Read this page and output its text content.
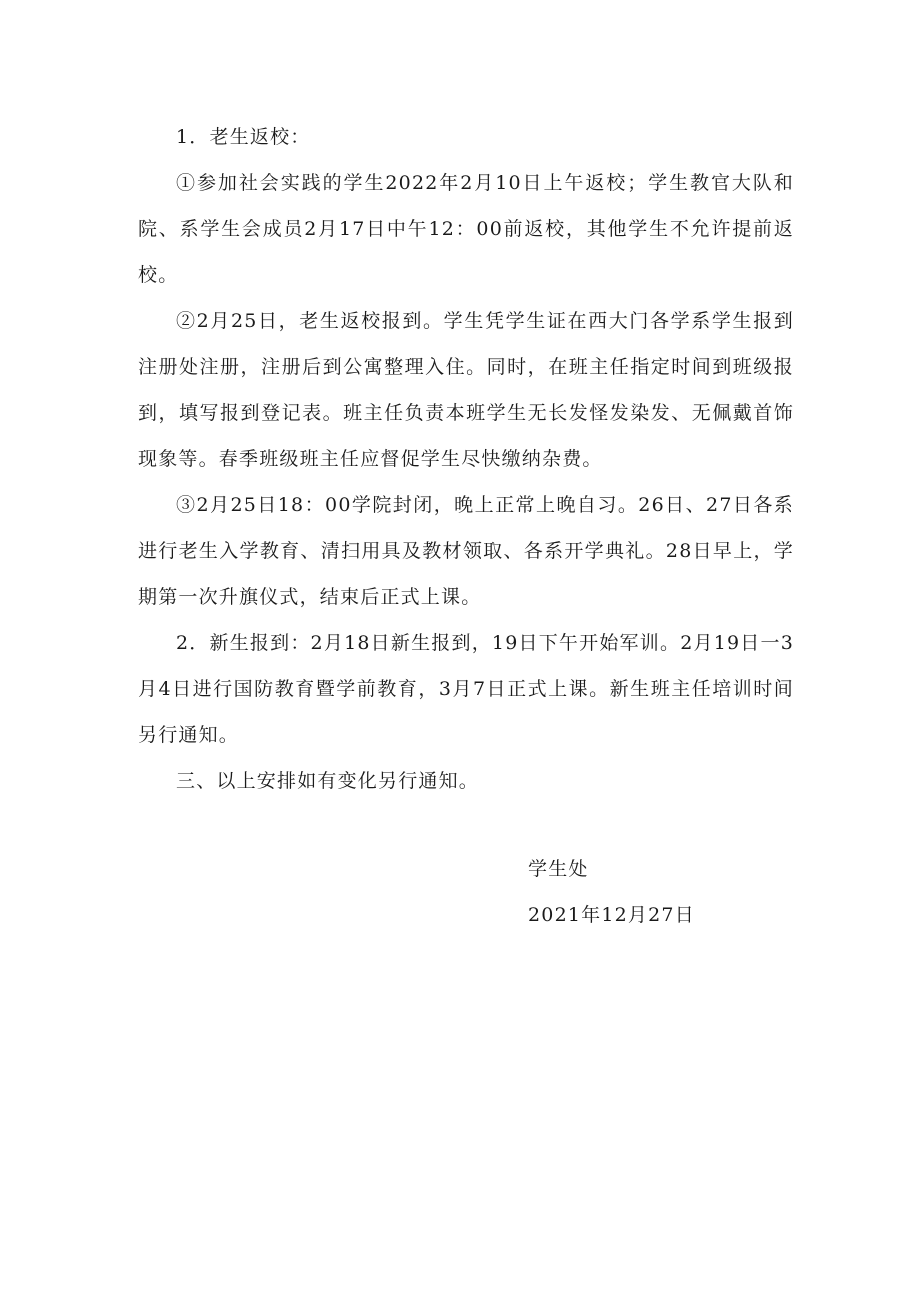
1．老生返校：

①参加社会实践的学生2022年2月10日上午返校；学生教官大队和院、系学生会成员2月17日中午12：00前返校，其他学生不允许提前返校。

②2月25日，老生返校报到。学生凭学生证在西大门各学系学生报到注册处注册，注册后到公寓整理入住。同时，在班主任指定时间到班级报到，填写报到登记表。班主任负责本班学生无长发怪发染发、无佩戴首饰现象等。春季班级班主任应督促学生尽快缴纳杂费。

③2月25日18：00学院封闭，晚上正常上晚自习。26日、27日各系进行老生入学教育、清扫用具及教材领取、各系开学典礼。28日早上，学期第一次升旗仪式，结束后正式上课。

2．新生报到：2月18日新生报到，19日下午开始军训。2月19日一3月4日进行国防教育暨学前教育，3月7日正式上课。新生班主任培训时间另行通知。

三、以上安排如有变化另行通知。

学生处
2021年12月27日
